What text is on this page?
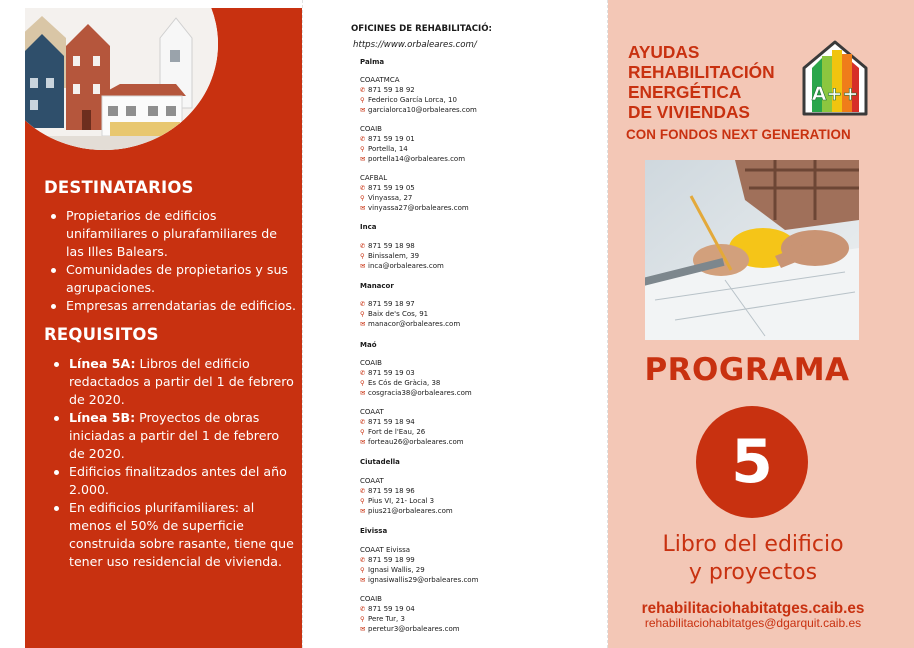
DESTINATARIOS
Propietarios de edificios unifamiliares o plurafamiliares de las Illes Balears.
Comunidades de propietarios y sus agrupaciones.
Empresas arrendatarias de edificios.
REQUISITOS
Línea 5A: Libros del edificio redactados a partir del 1 de febrero de 2020.
Línea 5B: Proyectos de obras iniciadas a partir del 1 de febrero de 2020.
Edificios finalitzados antes del año 2.000.
En edificios plurifamiliares: al menos el 50% de superficie construida sobre rasante, tiene que tener uso residencial de vivienda.
OFICINES DE REHABILITACIÓ:
https://www.orbaleares.com/
Palma
COAATMCA
✆ 871 59 18 92
⚲ Federico García Lorca, 10
✉ garcialorca10@orbaleares.com
COAIB
✆ 871 59 19 01
⚲ Portella, 14
✉ portella14@orbaleares.com
CAFBAL
✆ 871 59 19 05
⚲ Vinyassa, 27
✉ vinyassa27@orbaleares.com
Inca
✆ 871 59 18 98
⚲ Binissalem, 39
✉ inca@orbaleares.com
Manacor
✆ 871 59 18 97
⚲ Baix de's Cos, 91
✉ manacor@orbaleares.com
Maó
COAIB
✆ 871 59 19 03
⚲ Es Cós de Gràcia, 38
✉ cosgracia38@orbaleares.com
COAAT
✆ 871 59 18 94
⚲ Fort de l'Eau, 26
✉ forteau26@orbaleares.com
Ciutadella
COAAT
✆ 871 59 18 96
⚲ Pius VI, 21- Local 3
✉ pius21@orbaleares.com
Eivissa
COAAT Eivissa
✆ 871 59 18 99
⚲ Ignasi Wallis, 29
✉ ignasiwallis29@orbaleares.com
COAIB
✆ 871 59 19 04
⚲ Pere Tur, 3
✉ peretur3@orbaleares.com
AYUDAS
REHABILITACIÓN
ENERGÉTICA
DE VIVIENDAS
A++
CON FONDOS NEXT GENERATION
PROGRAMA
5
Libro del edificio
y proyectos
rehabilitaciohabitatges.caib.es
rehabilitaciohabitatges@dgarquit.caib.es
